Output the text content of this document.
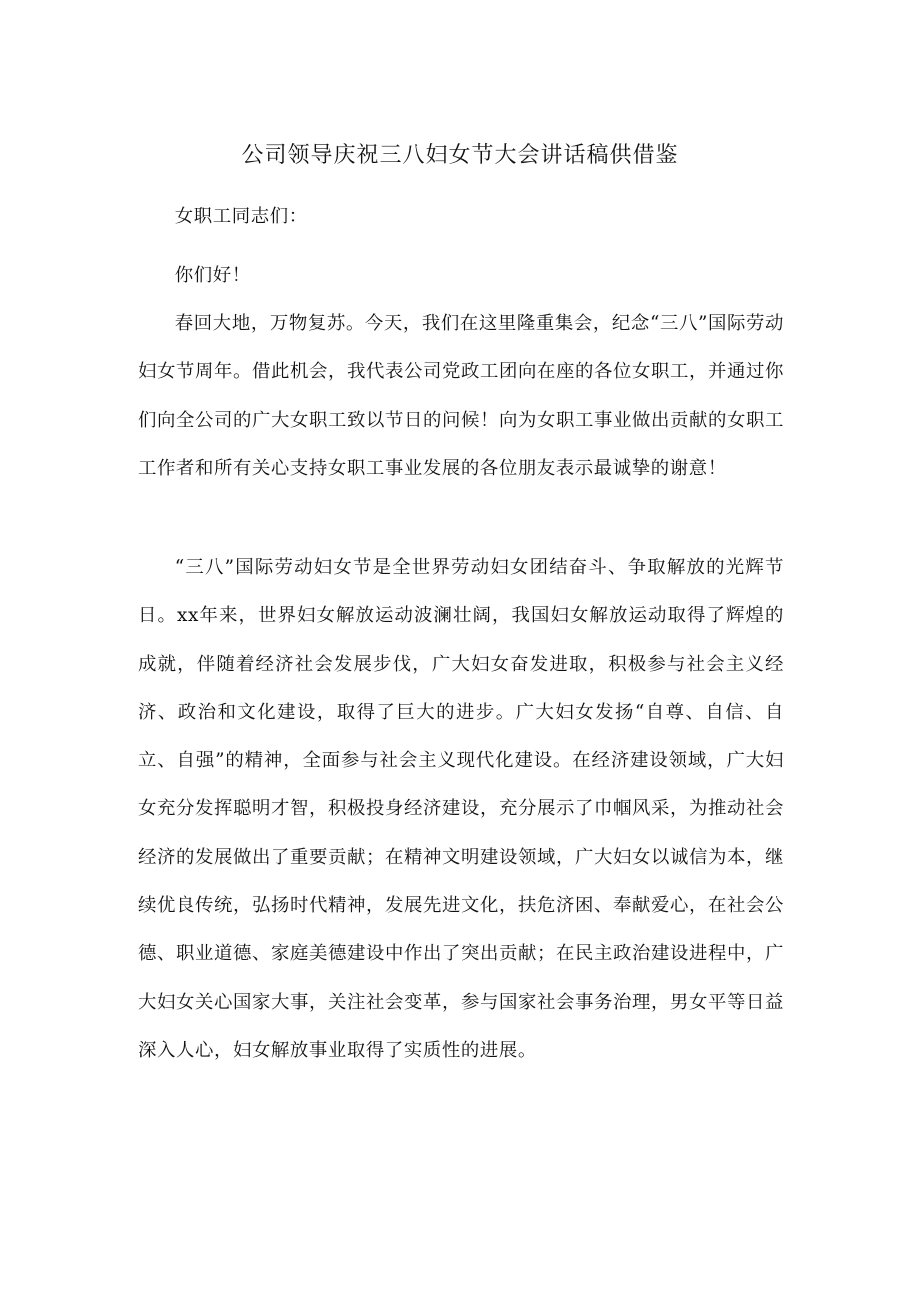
公司领导庆祝三八妇女节大会讲话稿供借鉴

女职工同志们：

你们好！

春回大地，万物复苏。今天，我们在这里隆重集会，纪念“三八”国际劳动妇女节周年。借此机会，我代表公司党政工团向在座的各位女职工，并通过你们向全公司的广大女职工致以节日的问候！向为女职工事业做出贡献的女职工工作者和所有关心支持女职工事业发展的各位朋友表示最诚挚的谢意！

“三八”国际劳动妇女节是全世界劳动妇女团结奋斗、争取解放的光辉节日。xx年来，世界妇女解放运动波澜壮阔，我国妇女解放运动取得了辉煌的成就，伴随着经济社会发展步伐，广大妇女奋发进取，积极参与社会主义经济、政治和文化建设，取得了巨大的进步。广大妇女发扬“自尊、自信、自立、自强”的精神，全面参与社会主义现代化建设。在经济建设领域，广大妇女充分发挥聪明才智，积极投身经济建设，充分展示了巾帼风采，为推动社会经济的发展做出了重要贡献；在精神文明建设领域，广大妇女以诚信为本，继续优良传统，弘扬时代精神，发展先进文化，扶危济困、奉献爱心，在社会公德、职业道德、家庭美德建设中作出了突出贡献；在民主政治建设进程中，广大妇女关心国家大事，关注社会变革，参与国家社会事务治理，男女平等日益深入人心，妇女解放事业取得了实质性的进展。
